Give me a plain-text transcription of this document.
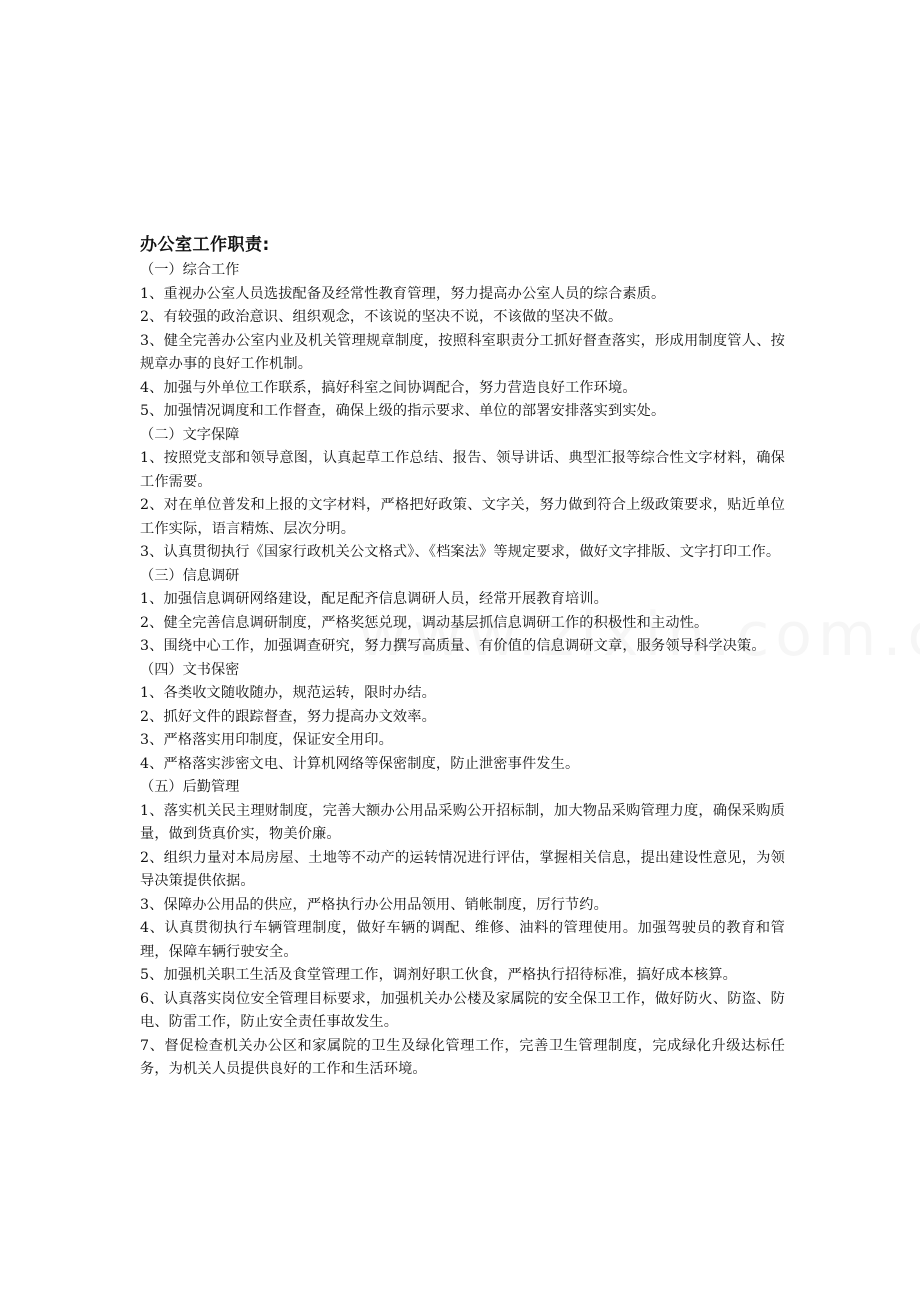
办公室工作职责:

（一）综合工作

1、重视办公室人员选拔配备及经常性教育管理，努力提高办公室人员的综合素质。

2、有较强的政治意识、组织观念，不该说的坚决不说，不该做的坚决不做。

3、健全完善办公室内业及机关管理规章制度，按照科室职责分工抓好督查落实，形成用制度管人、按规章办事的良好工作机制。

4、加强与外单位工作联系，搞好科室之间协调配合，努力营造良好工作环境。

5、加强情况调度和工作督查，确保上级的指示要求、单位的部署安排落实到实处。

（二）文字保障

1、按照党支部和领导意图，认真起草工作总结、报告、领导讲话、典型汇报等综合性文字材料，确保工作需要。

2、对在单位普发和上报的文字材料，严格把好政策、文字关，努力做到符合上级政策要求，贴近单位工作实际，语言精炼、层次分明。

3、认真贯彻执行《国家行政机关公文格式》、《档案法》等规定要求，做好文字排版、文字打印工作。

（三）信息调研

1、加强信息调研网络建设，配足配齐信息调研人员，经常开展教育培训。

2、健全完善信息调研制度，严格奖惩兑现，调动基层抓信息调研工作的积极性和主动性。

3、围绕中心工作，加强调查研究，努力撰写高质量、有价值的信息调研文章，服务领导科学决策。

（四）文书保密

1、各类收文随收随办，规范运转，限时办结。

2、抓好文件的跟踪督查，努力提高办文效率。

3、严格落实用印制度，保证安全用印。

4、严格落实涉密文电、计算机网络等保密制度，防止泄密事件发生。

（五）后勤管理

1、落实机关民主理财制度，完善大额办公用品采购公开招标制，加大物品采购管理力度，确保采购质量，做到货真价实，物美价廉。

2、组织力量对本局房屋、土地等不动产的运转情况进行评估，掌握相关信息，提出建设性意见，为领导决策提供依据。

3、保障办公用品的供应，严格执行办公用品领用、销帐制度，厉行节约。

4、认真贯彻执行车辆管理制度，做好车辆的调配、维修、油料的管理使用。加强驾驶员的教育和管理，保障车辆行驶安全。

5、加强机关职工生活及食堂管理工作，调剂好职工伙食，严格执行招待标准，搞好成本核算。

6、认真落实岗位安全管理目标要求，加强机关办公楼及家属院的安全保卫工作，做好防火、防盗、防电、防雷工作，防止安全责任事故发生。

7、督促检查机关办公区和家属院的卫生及绿化管理工作，完善卫生管理制度，完成绿化升级达标任务，为机关人员提供良好的工作和生活环境。
